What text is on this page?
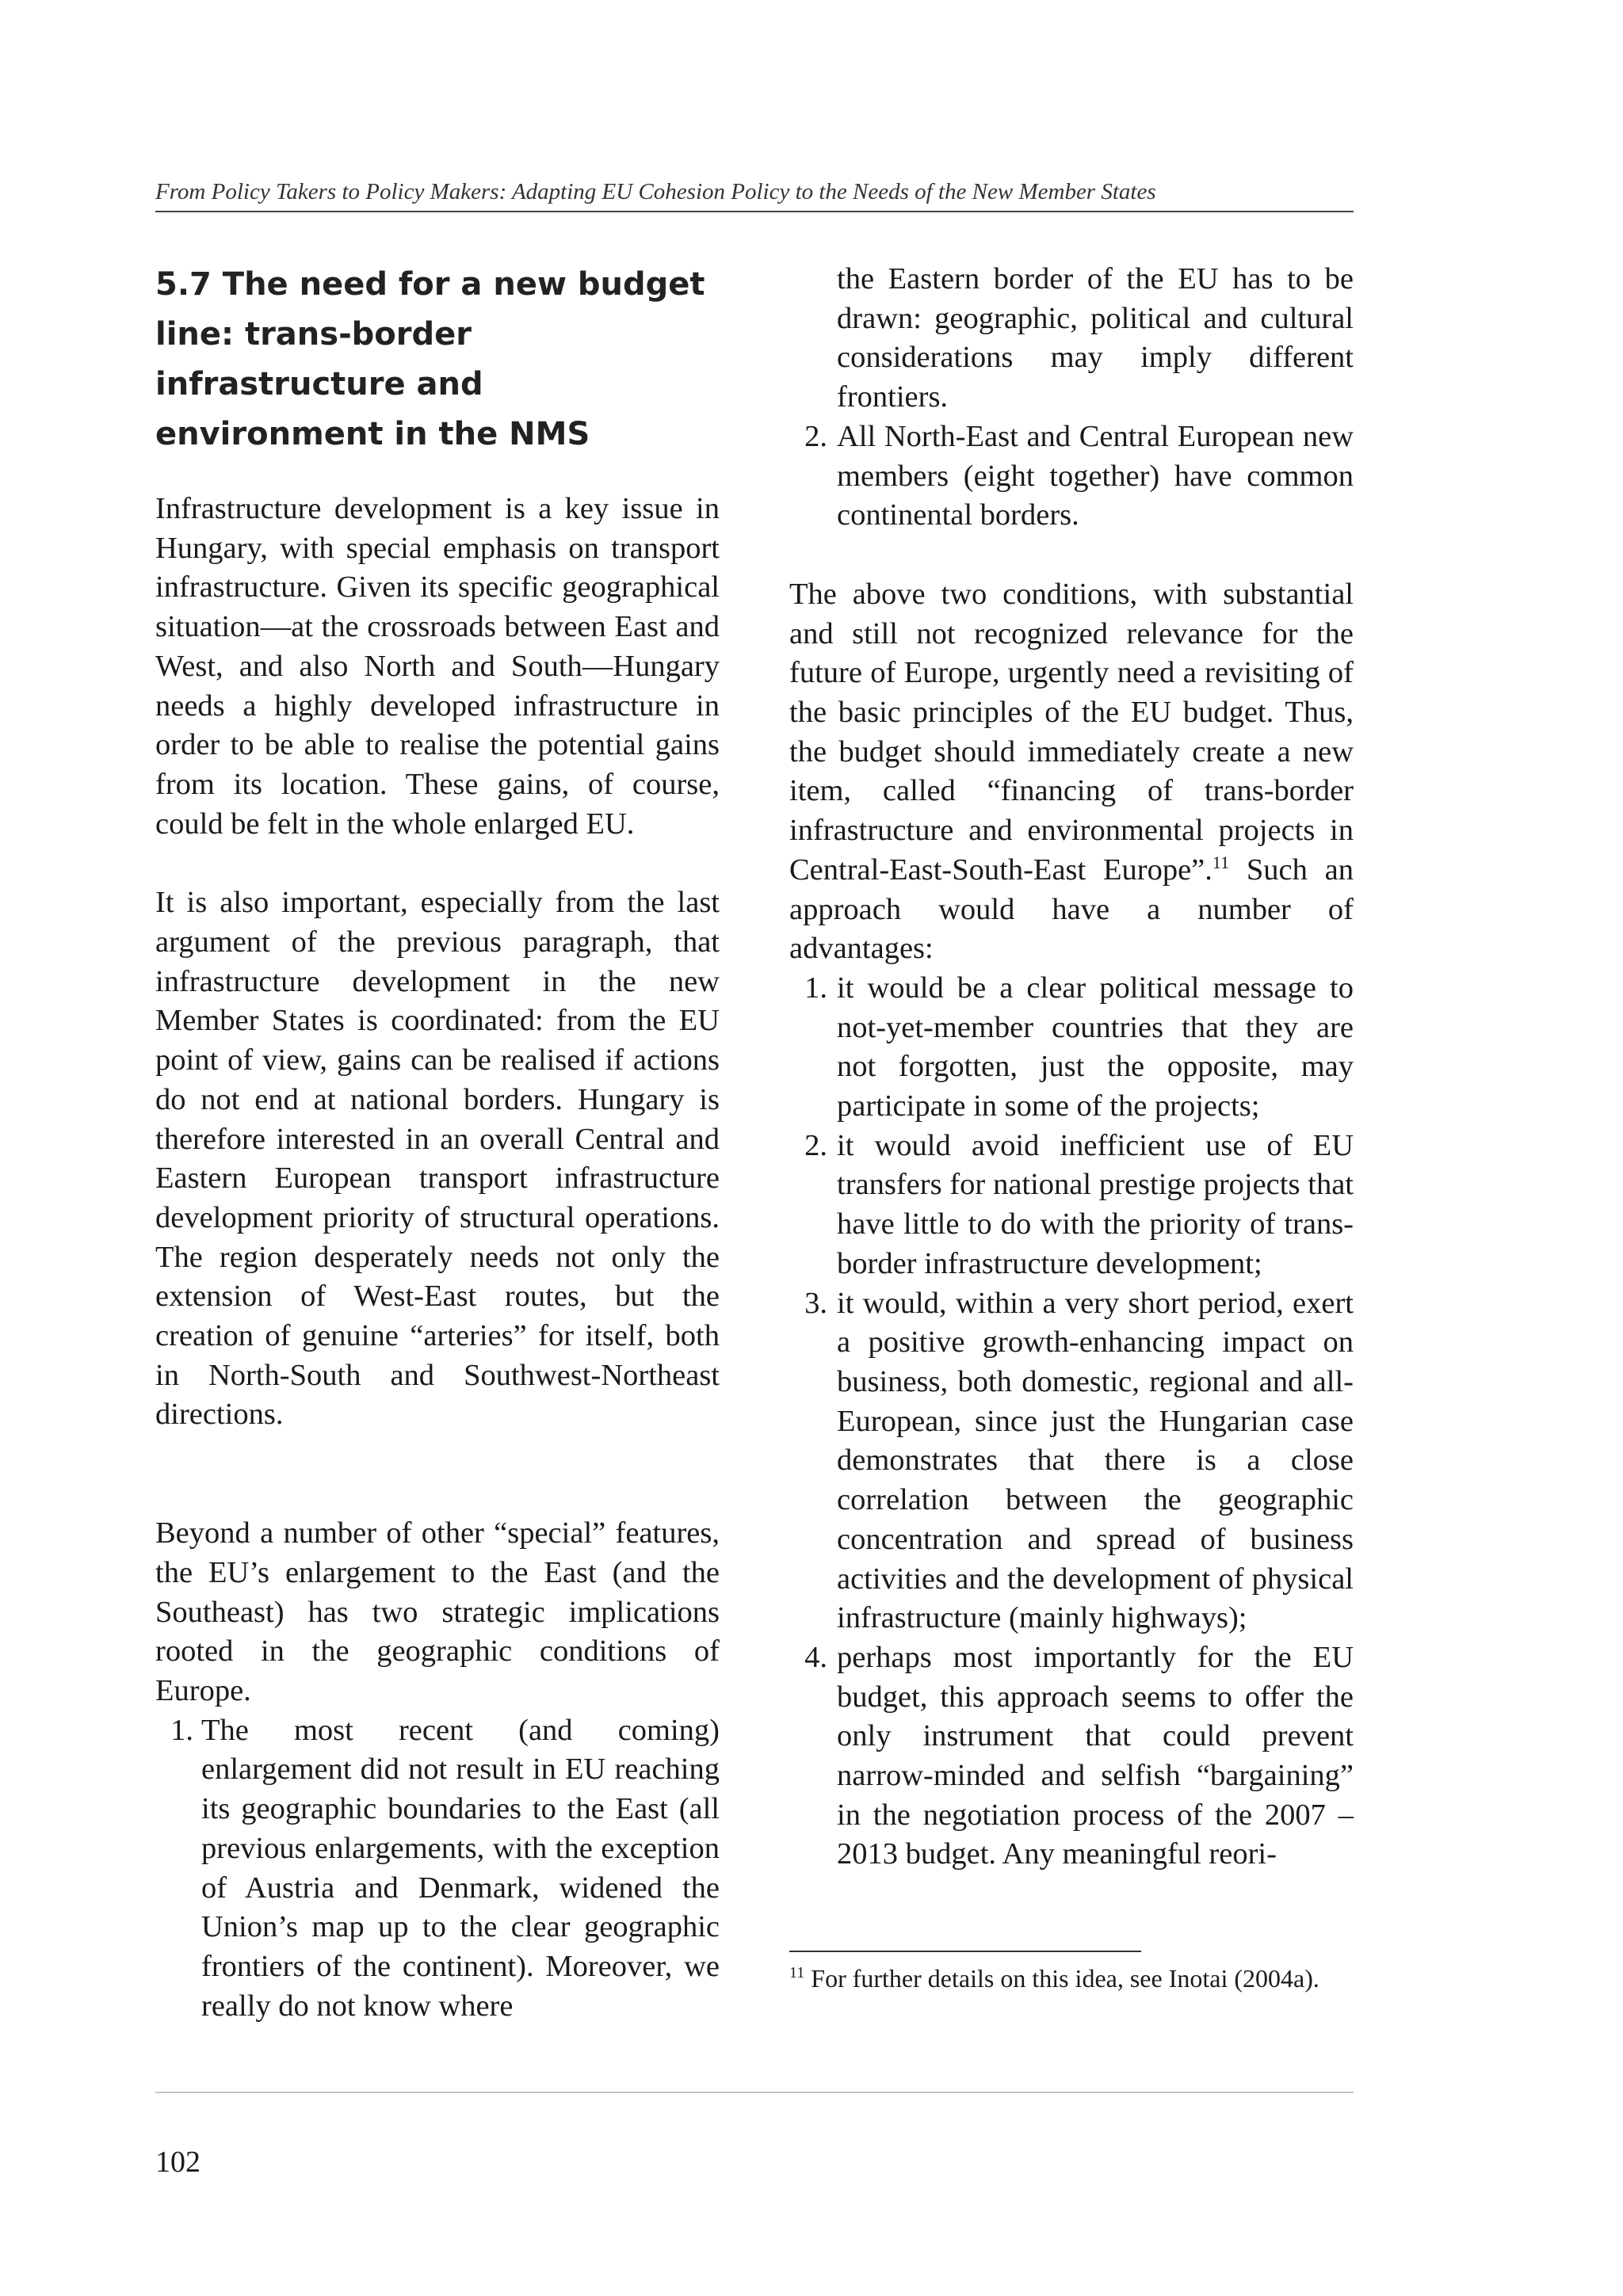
From Policy Takers to Policy Makers: Adapting EU Cohesion Policy to the Needs of the New Member States
5.7 The need for a new budget line: trans-border infrastructure and environment in the NMS

Infrastructure development is a key issue in Hungary, with special emphasis on transport infrastructure. Given its specific geographical situation—at the crossroads between East and West, and also North and South—Hungary needs a highly developed infrastructure in order to be able to realise the potential gains from its location. These gains, of course, could be felt in the whole enlarged EU.

It is also important, especially from the last argument of the previous paragraph, that infrastructure development in the new Member States is coordinated: from the EU point of view, gains can be realised if actions do not end at national borders. Hungary is therefore interested in an overall Central and Eastern European transport infrastructure development priority of structural operations. The region desperately needs not only the extension of West-East routes, but the creation of genuine “arteries” for itself, both in North-South and Southwest-Northeast directions.

Beyond a number of other “special” features, the EU’s enlargement to the East (and the Southeast) has two strategic implications rooted in the geographic conditions of Europe.

1. The most recent (and coming) enlargement did not result in EU reaching its geographic boundaries to the East (all previous enlargements, with the exception of Austria and Denmark, widened the Union’s map up to the clear geographic frontiers of the continent). Moreover, we really do not know where
the Eastern border of the EU has to be drawn: geographic, political and cultural considerations may imply different frontiers.
2. All North-East and Central European new members (eight together) have common continental borders.

The above two conditions, with substantial and still not recognized relevance for the future of Europe, urgently need a revisiting of the basic principles of the EU budget. Thus, the budget should immediately create a new item, called “financing of trans-border infrastructure and environmental projects in Central-East-South-East Europe”.$^{11}$ Such an approach would have a number of advantages:

1. it would be a clear political message to not-yet-member countries that they are not forgotten, just the opposite, may participate in some of the projects;
2. it would avoid inefficient use of EU transfers for national prestige projects that have little to do with the priority of trans-border infrastructure development;
3. it would, within a very short period, exert a positive growth-enhancing impact on business, both domestic, regional and all-European, since just the Hungarian case demonstrates that there is a close correlation between the geographic concentration and spread of business activities and the development of physical infrastructure (mainly highways);
4. perhaps most importantly for the EU budget, this approach seems to offer the only instrument that could prevent narrow-minded and selfish “bargaining” in the negotiation process of the 2007 – 2013 budget. Any meaningful reori-
$^{11}$ For further details on this idea, see Inotai (2004a).
102
